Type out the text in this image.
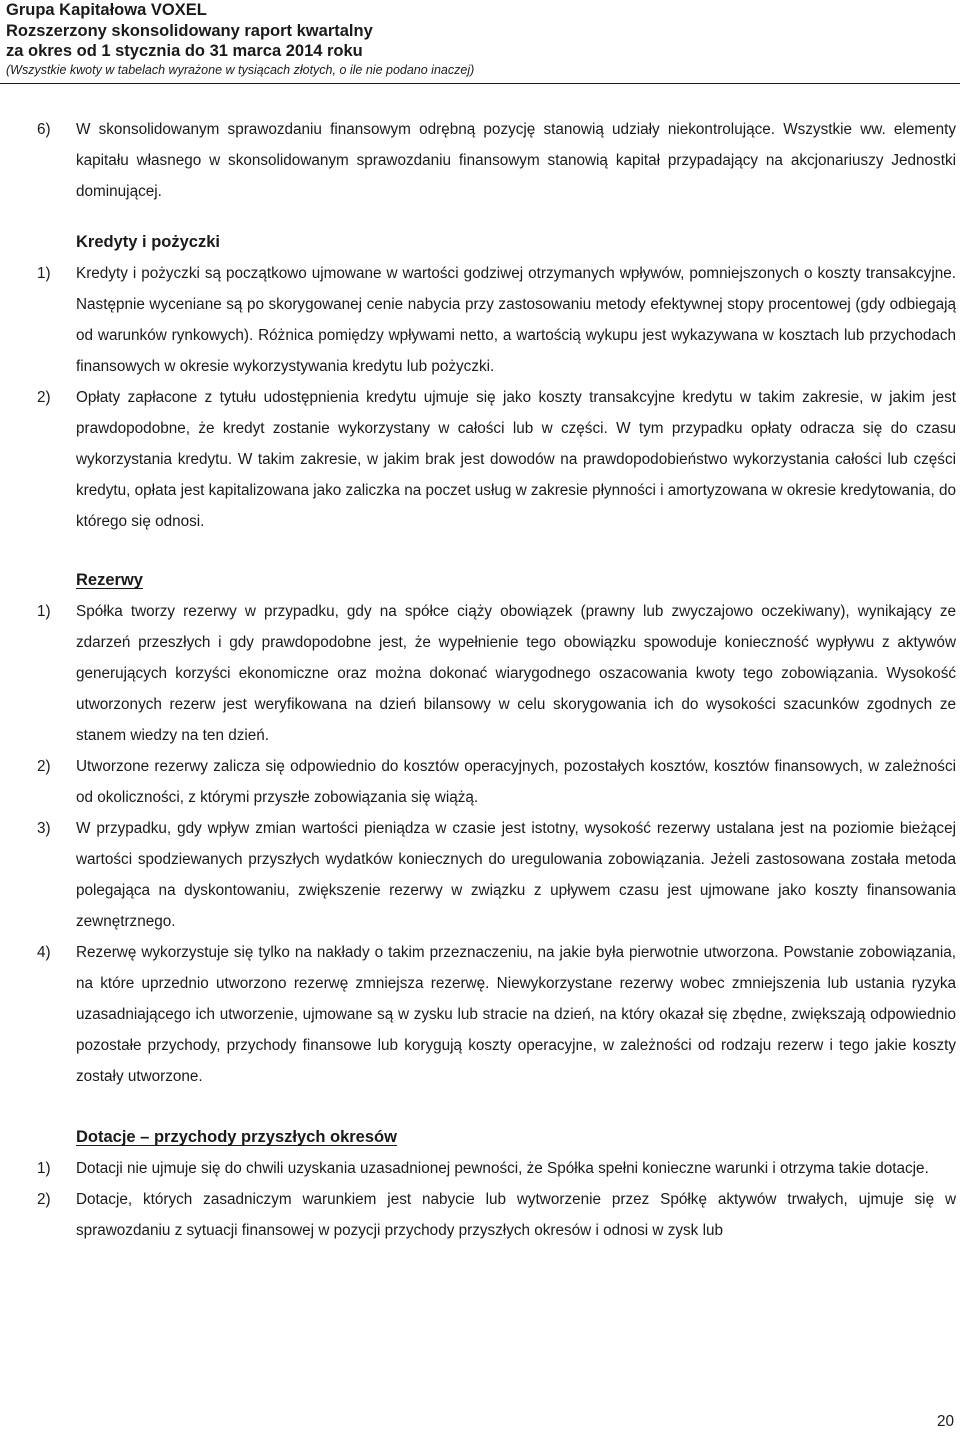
Grupa Kapitałowa VOXEL
Rozszerzony skonsolidowany raport kwartalny
za okres od 1 stycznia do 31 marca 2014 roku
(Wszystkie kwoty w tabelach wyrażone w tysiącach złotych, o ile nie podano inaczej)
6)	W skonsolidowanym sprawozdaniu finansowym odrębną pozycję stanowią udziały niekontrolujące. Wszystkie ww. elementy kapitału własnego w skonsolidowanym sprawozdaniu finansowym stanowią kapitał przypadający na akcjonariuszy Jednostki dominującej.
Kredyty i pożyczki
1)	Kredyty i pożyczki są początkowo ujmowane w wartości godziwej otrzymanych wpływów, pomniejszonych o koszty transakcyjne. Następnie wyceniane są po skorygowanej cenie nabycia przy zastosowaniu metody efektywnej stopy procentowej (gdy odbiegają od warunków rynkowych). Różnica pomiędzy wpływami netto, a wartością wykupu jest wykazywana w kosztach lub przychodach finansowych w okresie wykorzystywania kredytu lub pożyczki.
2)	Opłaty zapłacone z tytułu udostępnienia kredytu ujmuje się jako koszty transakcyjne kredytu w takim zakresie, w jakim jest prawdopodobne, że kredyt zostanie wykorzystany w całości lub w części. W tym przypadku opłaty odracza się do czasu wykorzystania kredytu. W takim zakresie, w jakim brak jest dowodów na prawdopodobieństwo wykorzystania całości lub części kredytu, opłata jest kapitalizowana jako zaliczka na poczet usług w zakresie płynności i amortyzowana w okresie kredytowania, do którego się odnosi.
Rezerwy
1)	Spółka tworzy rezerwy w przypadku, gdy na spółce ciąży obowiązek (prawny lub zwyczajowo oczekiwany), wynikający ze zdarzeń przeszłych i gdy prawdopodobne jest, że wypełnienie tego obowiązku spowoduje konieczność wypływu z aktywów generujących korzyści ekonomiczne oraz można dokonać wiarygodnego oszacowania kwoty tego zobowiązania. Wysokość utworzonych rezerw jest weryfikowana na dzień bilansowy w celu skorygowania ich do wysokości szacunków zgodnych ze stanem wiedzy na ten dzień.
2)	Utworzone rezerwy zalicza się odpowiednio do kosztów operacyjnych, pozostałych kosztów, kosztów finansowych, w zależności od okoliczności, z którymi przyszłe zobowiązania się wiążą.
3)	W przypadku, gdy wpływ zmian wartości pieniądza w czasie jest istotny, wysokość rezerwy ustalana jest na poziomie bieżącej wartości spodziewanych przyszłych wydatków koniecznych do uregulowania zobowiązania. Jeżeli zastosowana została metoda polegająca na dyskontowaniu, zwiększenie rezerwy w związku z upływem czasu jest ujmowane jako koszty finansowania zewnętrznego.
4)	Rezerwę wykorzystuje się tylko na nakłady o takim przeznaczeniu, na jakie była pierwotnie utworzona. Powstanie zobowiązania, na które uprzednio utworzono rezerwę zmniejsza rezerwę. Niewykorzystane rezerwy wobec zmniejszenia lub ustania ryzyka uzasadniającego ich utworzenie, ujmowane są w zysku lub stracie na dzień, na który okazał się zbędne, zwiększają odpowiednio pozostałe przychody, przychody finansowe lub korygują koszty operacyjne, w zależności od rodzaju rezerw i tego jakie koszty zostały utworzone.
Dotacje – przychody przyszłych okresów
1)	Dotacji nie ujmuje się do chwili uzyskania uzasadnionej pewności, że Spółka spełni konieczne warunki i otrzyma takie dotacje.
2)	Dotacje, których zasadniczym warunkiem jest nabycie lub wytworzenie przez Spółkę aktywów trwałych, ujmuje się w sprawozdaniu z sytuacji finansowej w pozycji przychody przyszłych okresów i odnosi w zysk lub
20
